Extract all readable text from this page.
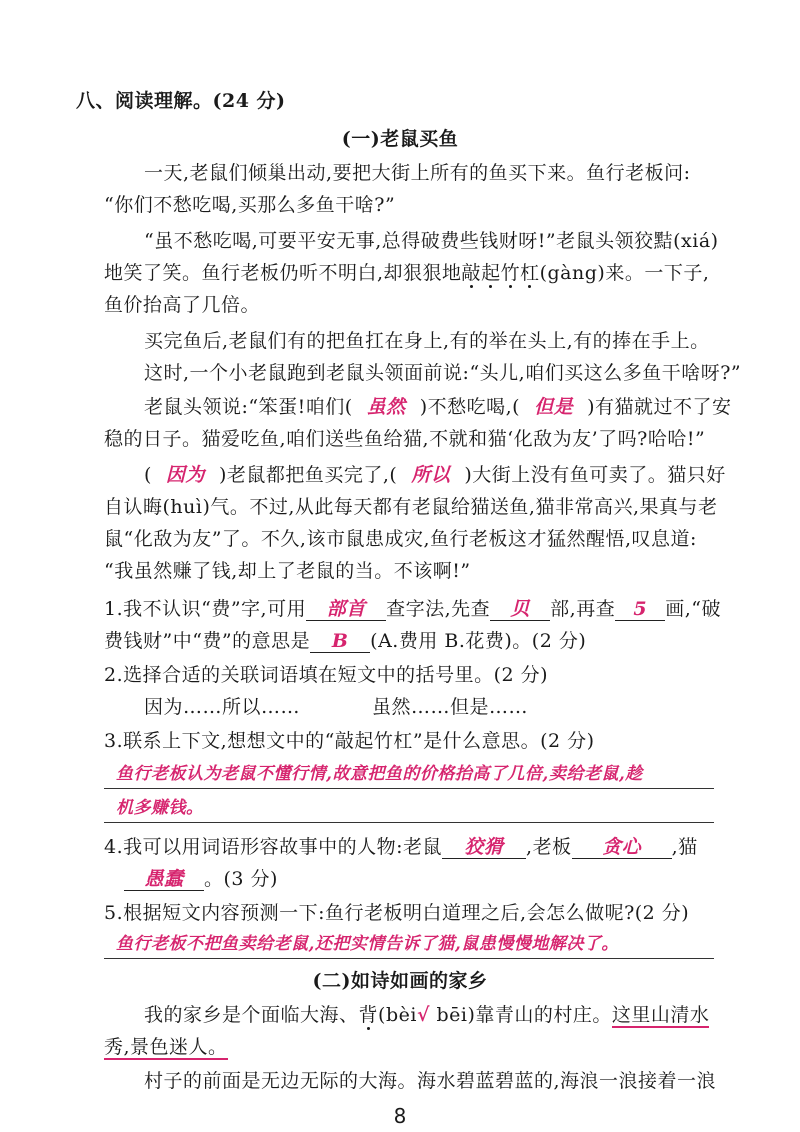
八、阅读理解。(24 分)
(一)老鼠买鱼
一天,老鼠们倾巢出动,要把大街上所有的鱼买下来。鱼行老板问:
“你们不愁吃喝,买那么多鱼干啥?”
“虽不愁吃喝,可要平安无事,总得破费些钱财呀!”老鼠头领狡黠(xiá)
地笑了笑。鱼行老板仍听不明白,却狠狠地敲起竹杠(gàng)来。一下子,
鱼价抬高了几倍。
买完鱼后,老鼠们有的把鱼扛在身上,有的举在头上,有的捧在手上。
这时,一个小老鼠跑到老鼠头领面前说:“头儿,咱们买这么多鱼干啥呀?”
老鼠头领说:“笨蛋!咱们( 虽然 )不愁吃喝,( 但是 )有猫就过不了安
稳的日子。猫爱吃鱼,咱们送些鱼给猫,不就和猫‘化敌为友’了吗?哈哈!”
( 因为 )老鼠都把鱼买完了,( 所以 )大街上没有鱼可卖了。猫只好
自认晦(huì)气。不过,从此每天都有老鼠给猫送鱼,猫非常高兴,果真与老
鼠“化敌为友”了。不久,该市鼠患成灾,鱼行老板这才猛然醒悟,叹息道:
“我虽然赚了钱,却上了老鼠的当。不该啊!”
1.我不认识“费”字,可用 部首 查字法,先查 贝 部,再查 5 画,“破
费钱财”中“费”的意思是 B (A.费用 B.花费)。(2 分)
2.选择合适的关联词语填在短文中的括号里。(2 分)
因为……所以……	虽然……但是……
3.联系上下文,想想文中的“敲起竹杠”是什么意思。(2 分)
鱼行老板认为老鼠不懂行情,故意把鱼的价格抬高了几倍,卖给老鼠,趁
机多赚钱。
4.我可以用词语形容故事中的人物:老鼠 狡猾 ,老板 贪心 ,猫
愚蠢 。(3 分)
5.根据短文内容预测一下:鱼行老板明白道理之后,会怎么做呢?(2 分)
鱼行老板不把鱼卖给老鼠,还把实情告诉了猫,鼠患慢慢地解决了。
(二)如诗如画的家乡
我的家乡是个面临大海、背(bèi√ bēi)靠青山的村庄。这里山清水
秀,景色迷人。
村子的前面是无边无际的大海。海水碧蓝碧蓝的,海浪一浪接着一浪
8
